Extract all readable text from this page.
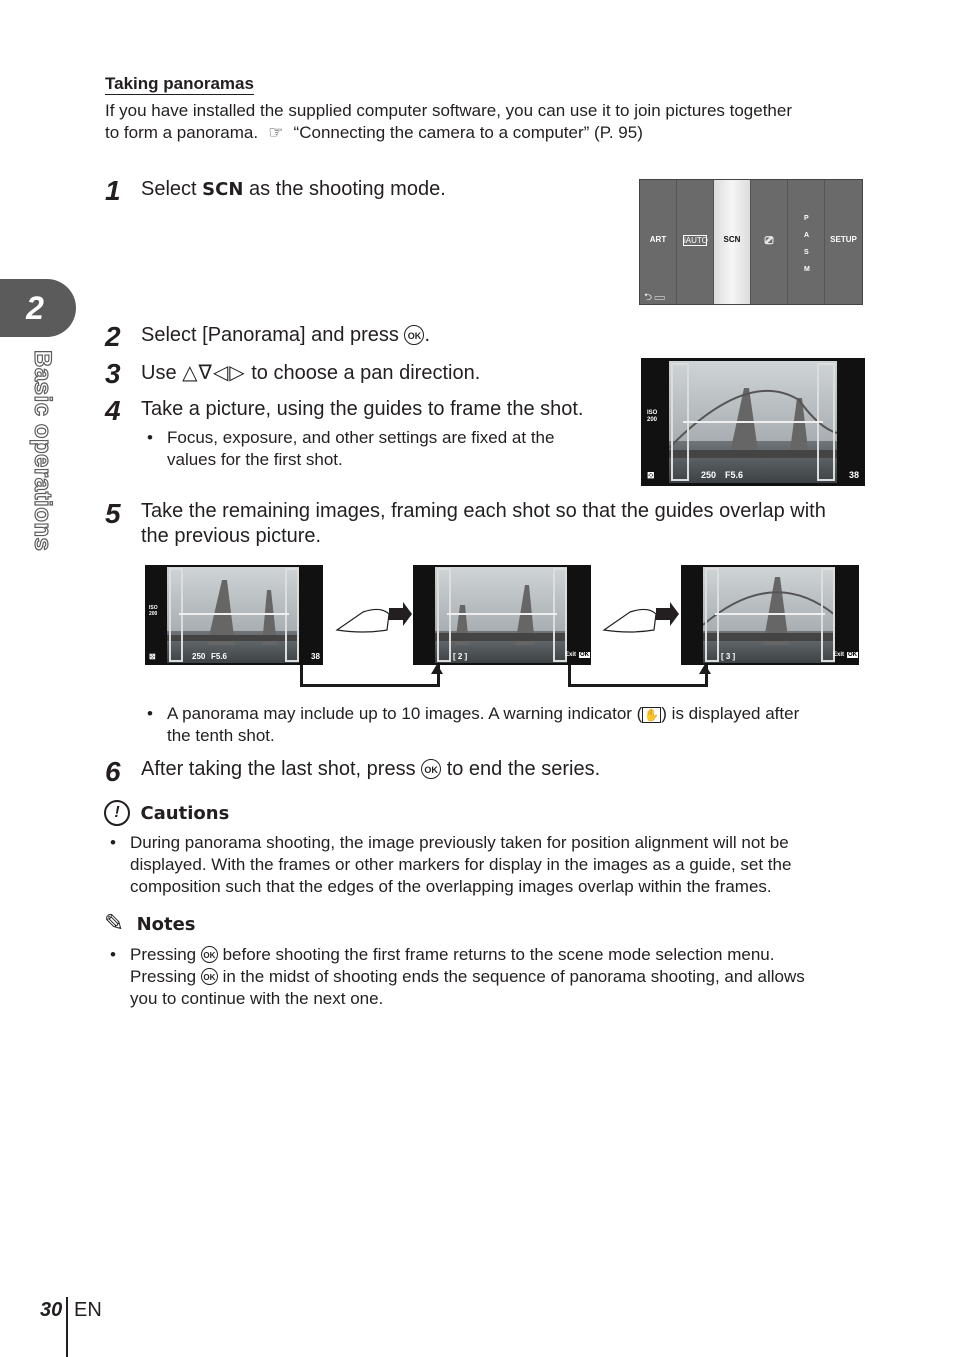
2
Basic operations
Taking panoramas
If you have installed the supplied computer software, you can use it to join pictures together
to form a panorama. ☞ “Connecting the camera to a computer” (P. 95)
1 Select SCN as the shooting mode.
ART	iAUTO	SCN	⎚
P A S M
SETUP
⮌ ▭
2 Select [Panorama] and press OK .
3 Use △∇◁▷ to choose a pan direction.
4 Take a picture, using the guides to frame the shot.
• Focus, exposure, and other settings are fixed at the
values for the first shot.
ISO 200
⊠	250 F5.6	38
5 Take the remaining images, framing each shot so that the guides overlap with
the previous picture.
ISO 200
⊠	250 F5.6	38	[ 2 ]	Exit OK	[ 3 ]	Exit OK
• A panorama may include up to 10 images. A warning indicator ( ✋ ) is displayed after
the tenth shot.
6 After taking the last shot, press OK to end the series.
! Cautions
• During panorama shooting, the image previously taken for position alignment will not be
displayed. With the frames or other markers for display in the images as a guide, set the
composition such that the edges of the overlapping images overlap within the frames.
✎ Notes
• Pressing OK before shooting the first frame returns to the scene mode selection menu.
Pressing OK in the midst of shooting ends the sequence of panorama shooting, and allows
you to continue with the next one.
30 EN
